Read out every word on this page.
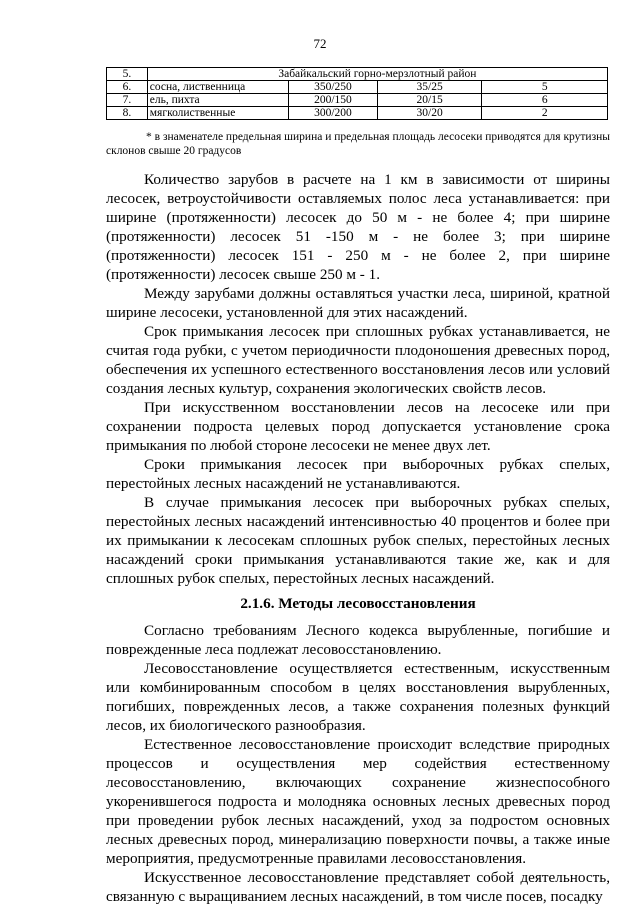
72
5.	Забайкальский горно-мерзлотный район			
6.	сосна, лиственница	350/250	35/25	5
7.	ель, пихта	200/150	20/15	6
8.	мягколиственные	300/200	30/20	2
* в знаменателе предельная ширина и предельная площадь лесосеки приводятся для крутизны склонов свыше 20 градусов

Количество зарубов в расчете на 1 км в зависимости от ширины лесосек, ветроустойчивости оставляемых полос леса устанавливается: при ширине (протяженности) лесосек до 50 м - не более 4; при ширине (протяженности) лесосек 51 -150 м - не более 3; при ширине (протяженности) лесосек 151 - 250 м - не более 2, при ширине (протяженности) лесосек свыше 250 м - 1.

Между зарубами должны оставляться участки леса, шириной, кратной ширине лесосеки, установленной для этих насаждений.

Срок примыкания лесосек при сплошных рубках устанавливается, не считая года рубки, с учетом периодичности плодоношения древесных пород, обеспечения их успешного естественного восстановления лесов или условий создания лесных культур, сохранения экологических свойств лесов.

При искусственном восстановлении лесов на лесосеке или при сохранении подроста целевых пород допускается установление срока примыкания по любой стороне лесосеки не менее двух лет.

Сроки примыкания лесосек при выборочных рубках спелых, перестойных лесных насаждений не устанавливаются.

В случае примыкания лесосек при выборочных рубках спелых, перестойных лесных насаждений интенсивностью 40 процентов и более при их примыкании к лесосекам сплошных рубок спелых, перестойных лесных насаждений сроки примыкания устанавливаются такие же, как и для сплошных рубок спелых, перестойных лесных насаждений.

2.1.6. Методы лесовосстановления

Согласно требованиям Лесного кодекса вырубленные, погибшие и поврежденные леса подлежат лесовосстановлению.

Лесовосстановление осуществляется естественным, искусственным или комбинированным способом в целях восстановления вырубленных, погибших, поврежденных лесов, а также сохранения полезных функций лесов, их биологического разнообразия.

Естественное лесовосстановление происходит вследствие природных процессов и осуществления мер содействия естественному лесовосстановлению, включающих сохранение жизнеспособного укоренившегося подроста и молодняка основных лесных древесных пород при проведении рубок лесных насаждений, уход за подростом основных лесных древесных пород, минерализацию поверхности почвы, а также иные мероприятия, предусмотренные правилами лесовосстановления.

Искусственное лесовосстановление представляет собой деятельность, связанную с выращиванием лесных насаждений, в том числе посев, посадку
